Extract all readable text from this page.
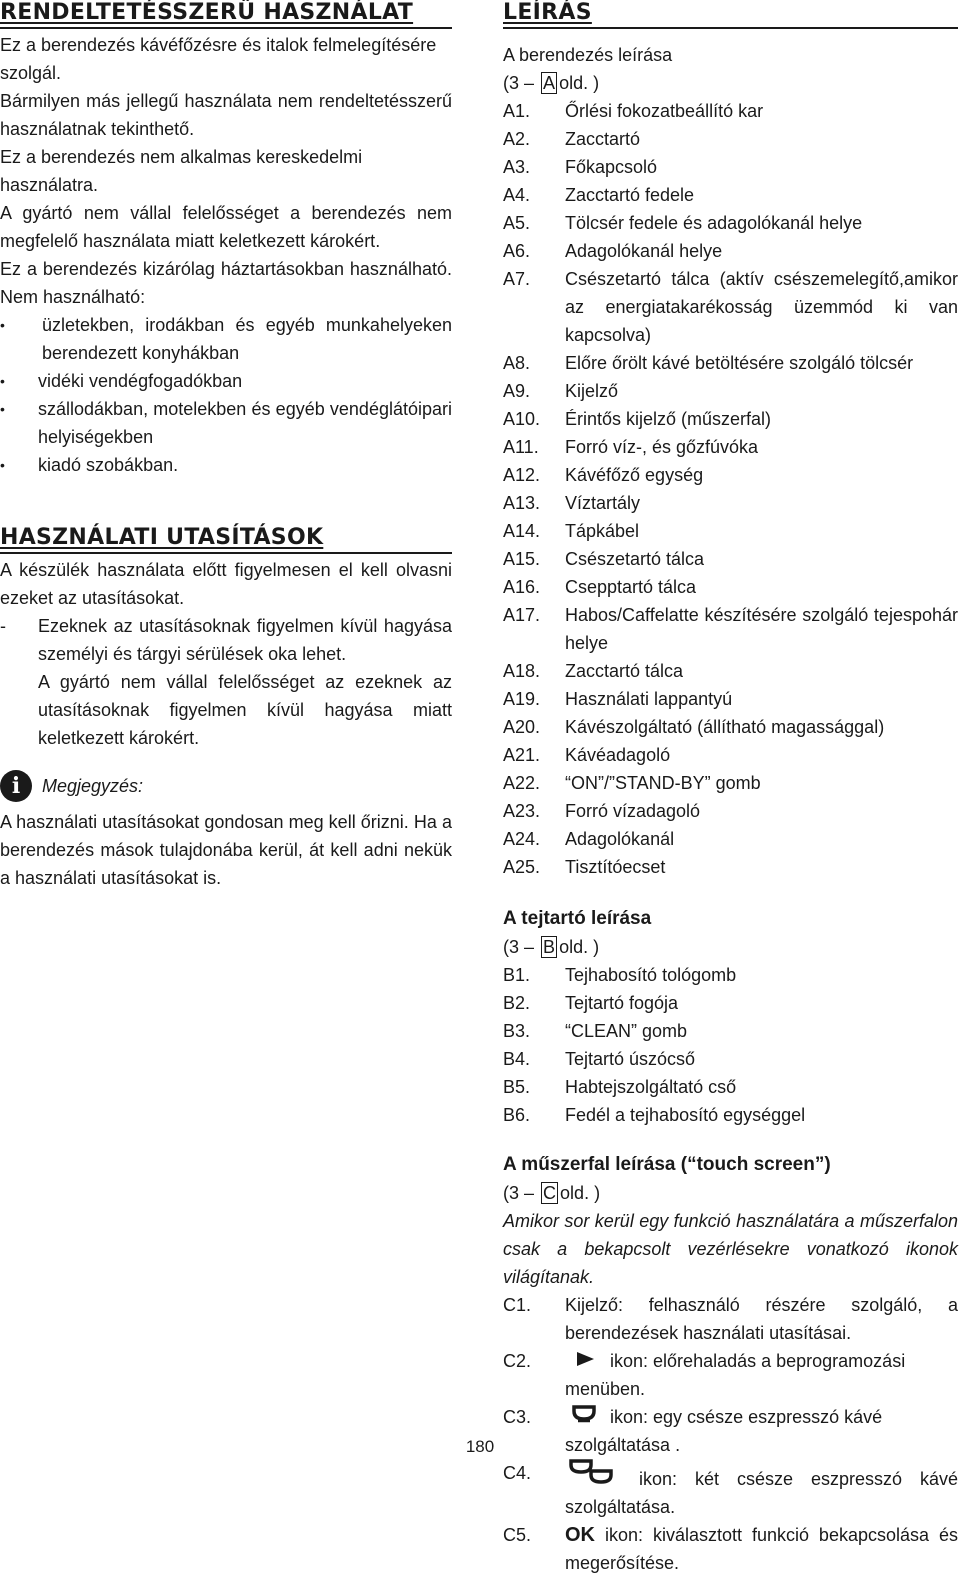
RENDELTETÉSSZERŰ HASZNÁLAT

Ez a berendezés kávéfőzésre és italok felmelegítésére szolgál.

Bármilyen más jellegű használata nem rendeltetésszerű használatnak tekinthető.

Ez a berendezés nem alkalmas kereskedelmi használatra.

A gyártó nem vállal felelősséget a berendezés nem megfelelő használata miatt keletkezett károkért.

Ez a berendezés kizárólag háztartásokban használható. Nem használható:

• üzletekben, irodákban és egyéb munkahelyeken berendezett konyhákban
• vidéki vendégfogadókban
• szállodákban, motelekben és egyéb vendéglátóipari helyiségekben
• kiadó szobákban.
HASZNÁLATI UTASÍTÁSOK

A készülék használata előtt figyelmesen el kell olvasni ezeket az utasításokat.

-	Ezeknek az utasításoknak figyelmen kívül hagyása személyi és tárgyi sérülések oka lehet.

A gyártó nem vállal felelősséget az ezeknek az utasításoknak figyelmen kívül hagyása miatt keletkezett károkért.

i	Megjegyzés:

A használati utasításokat gondosan meg kell őrizni. Ha a berendezés mások tulajdonába kerül, át kell adni nekük a használati utasításokat is.

LEÍRÁS

A berendezés leírása

(3 – A old. )

A1.	Őrlési fokozatbeállító kar
A2.	Zacctartó
A3.	Főkapcsoló
A4.	Zacctartó fedele
A5.	Tölcsér fedele és adagolókanál helye
A6.	Adagolókanál helye
A7.	Csészetartó tálca (aktív csészemelegítő,amikor az energiatakarékosság üzemmód ki van kapcsolva)
A8.	Előre őrölt kávé betöltésére szolgáló tölcsér
A9.	Kijelző
A10.	Érintős kijelző (műszerfal)
A11.	Forró víz-, és gőzfúvóka
A12.	Kávéfőző egység
A13.	Víztartály
A14.	Tápkábel
A15.	Csészetartó tálca
A16.	Csepptartó tálca
A17.	Habos/Caffelatte készítésére szolgáló tejespohár helye
A18.	Zacctartó tálca
A19.	Használati lappantyú
A20.	Kávészolgáltató (állítható magassággal)
A21.	Kávéadagoló
A22.	“ON”/”STAND-BY” gomb
A23.	Forró vízadagoló
A24.	Adagolókanál
A25.	Tisztítóecset

A tejtartó leírása

(3 – B old. )

B1.	Tejhabosító tológomb
B2.	Tejtartó fogója
B3.	“CLEAN” gomb
B4.	Tejtartó úszócső
B5.	Habtejszolgáltató cső
B6.	Fedél a tejhabosító egységgel

A műszerfal leírása (“touch screen”)

(3 – C old. )

Amikor sor kerül egy funkció használatára a műszerfalon csak a bekapcsolt vezérlésekre vonatkozó ikonok világítanak.

C1.	Kijelző: felhasználó részére szolgáló, a berendezések használati utasításai.
C2.	ikon: előrehaladás a beprogramozási menüben.
C3.	ikon: egy csésze eszpresszó kávé szolgáltatása .
C4.	ikon: két csésze eszpresszó kávé szolgáltatása.
C5.	OK ikon: kiválasztott funkció bekapcsolása és megerősítése.
180
